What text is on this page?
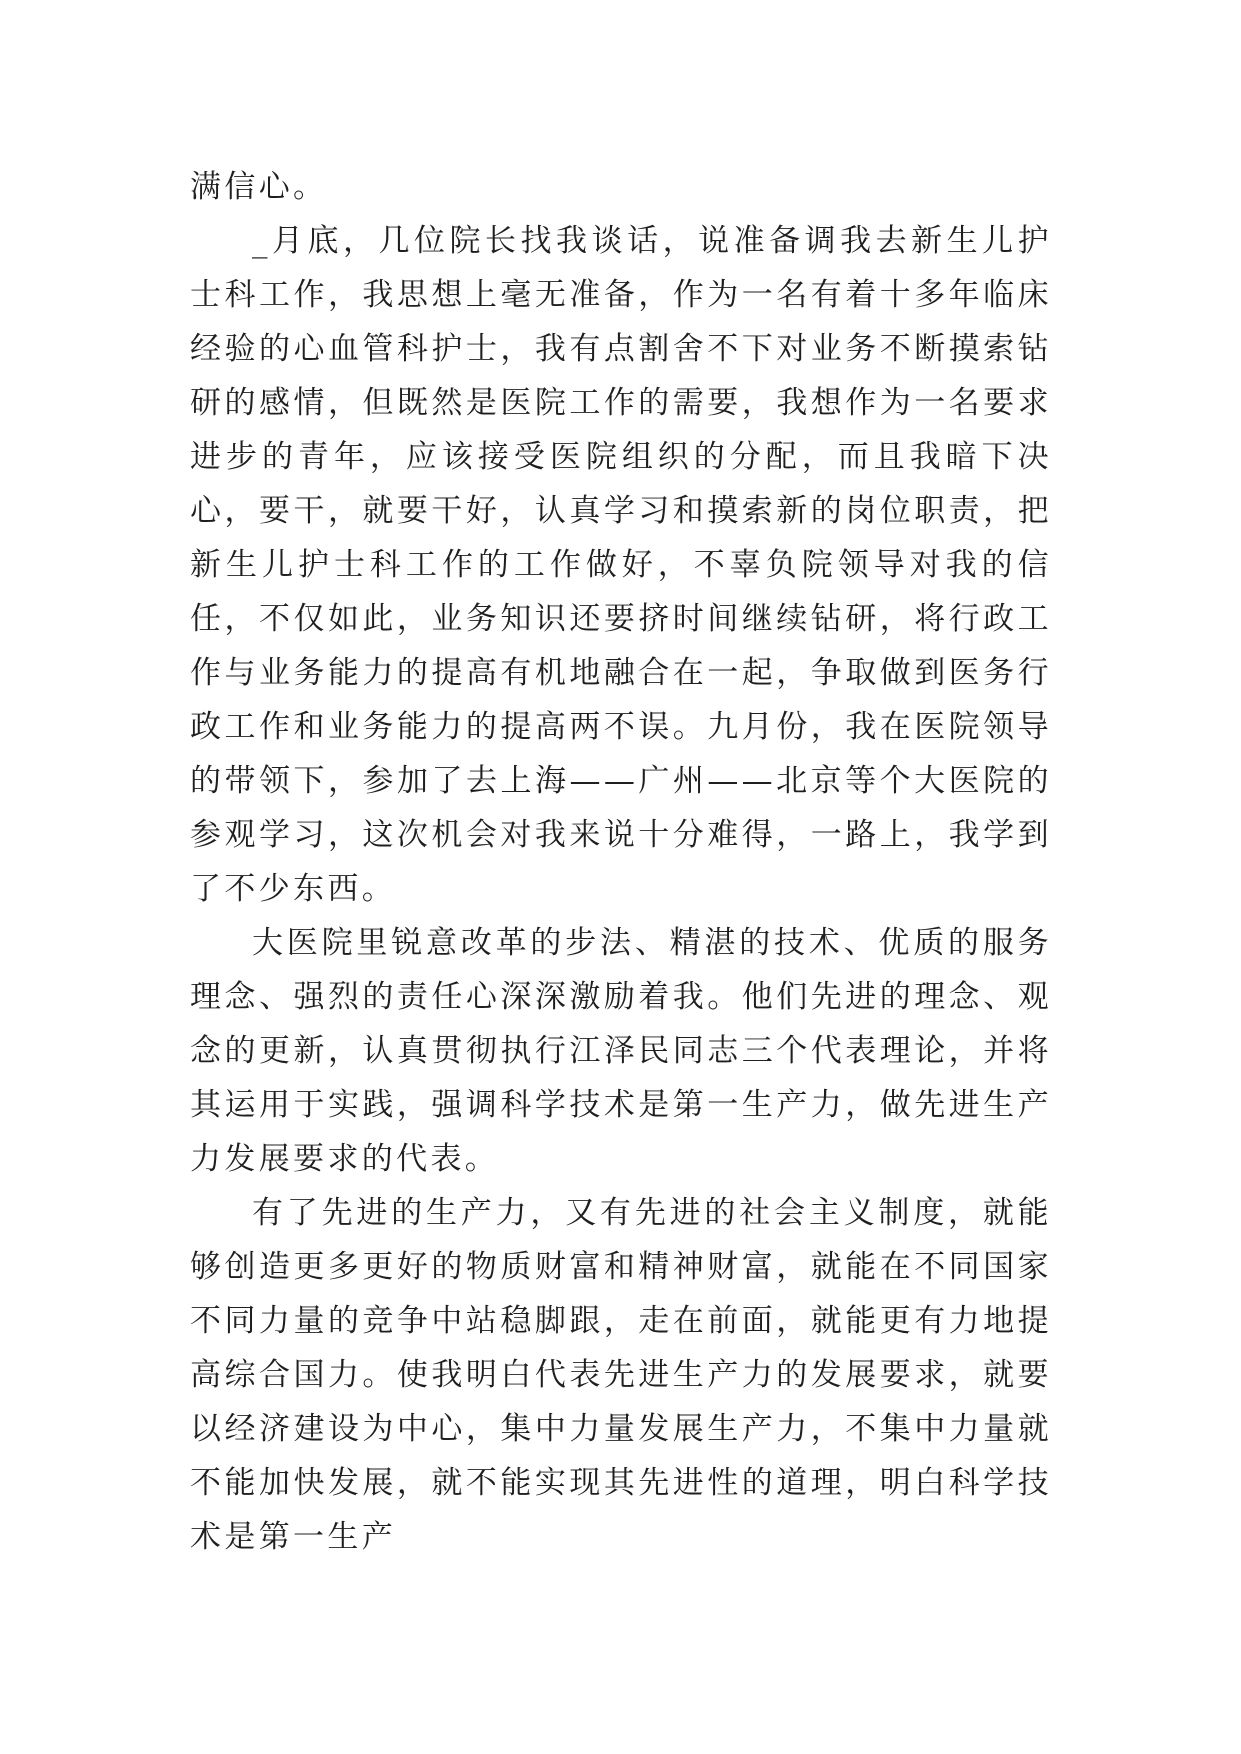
满信心。

_月底，几位院长找我谈话，说准备调我去新生儿护士科工作，我思想上毫无准备，作为一名有着十多年临床经验的心血管科护士，我有点割舍不下对业务不断摸索钻研的感情，但既然是医院工作的需要，我想作为一名要求进步的青年，应该接受医院组织的分配，而且我暗下决心，要干，就要干好，认真学习和摸索新的岗位职责，把新生儿护士科工作的工作做好，不辜负院领导对我的信任，不仅如此，业务知识还要挤时间继续钻研，将行政工作与业务能力的提高有机地融合在一起，争取做到医务行政工作和业务能力的提高两不误。九月份，我在医院领导的带领下，参加了去上海——广州——北京等个大医院的参观学习，这次机会对我来说十分难得，一路上，我学到了不少东西。

大医院里锐意改革的步法、精湛的技术、优质的服务理念、强烈的责任心深深激励着我。他们先进的理念、观念的更新，认真贯彻执行江泽民同志三个代表理论，并将其运用于实践，强调科学技术是第一生产力，做先进生产力发展要求的代表。

有了先进的生产力，又有先进的社会主义制度，就能够创造更多更好的物质财富和精神财富，就能在不同国家不同力量的竞争中站稳脚跟，走在前面，就能更有力地提高综合国力。使我明白代表先进生产力的发展要求，就要以经济建设为中心，集中力量发展生产力，不集中力量就不能加快发展，就不能实现其先进性的道理，明白科学技术是第一生产
